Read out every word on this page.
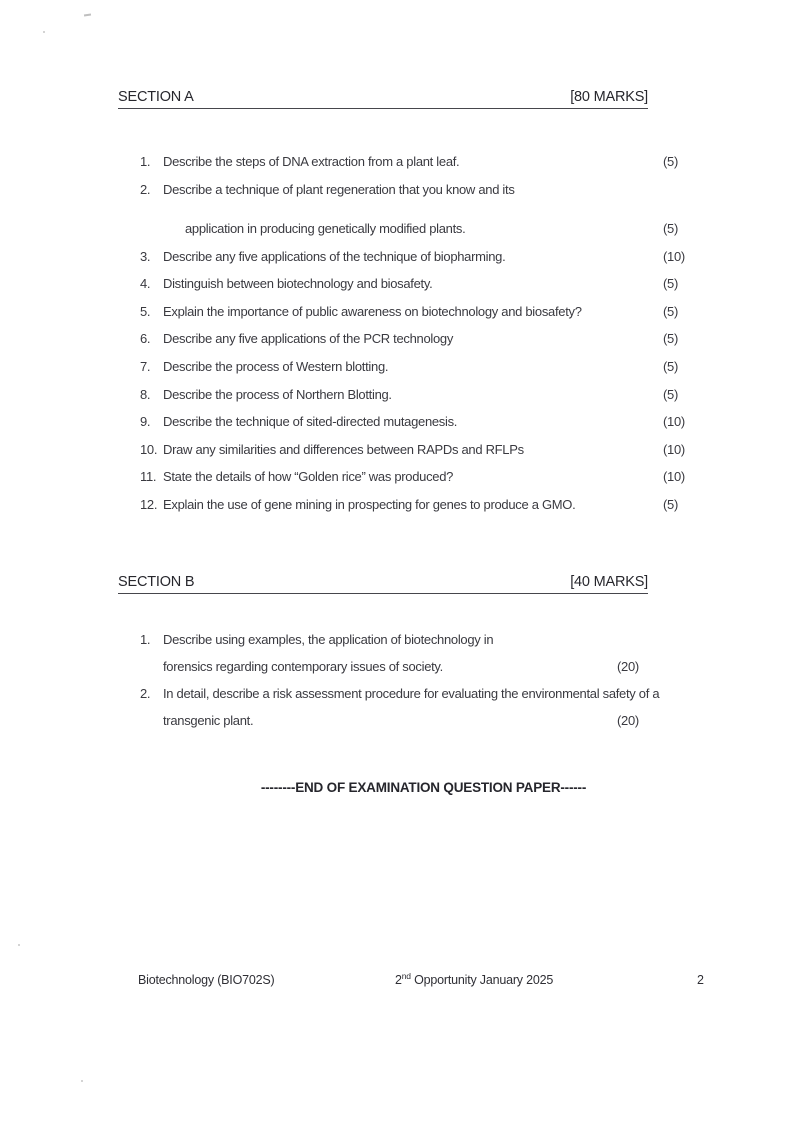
SECTION A	[80 MARKS]
1. Describe the steps of DNA extraction from a plant leaf.	(5)
2. Describe a technique of plant regeneration that you know and its
application in producing genetically modified plants.	(5)
3. Describe any five applications of the technique of biopharming.	(10)
4. Distinguish between biotechnology and biosafety.	(5)
5. Explain the importance of public awareness on biotechnology and biosafety?	(5)
6. Describe any five applications of the PCR technology	(5)
7. Describe the process of Western blotting.	(5)
8. Describe the process of Northern Blotting.	(5)
9. Describe the technique of sited-directed mutagenesis.	(10)
10. Draw any similarities and differences between RAPDs and RFLPs	(10)
11. State the details of how “Golden rice” was produced?	(10)
12. Explain the use of gene mining in prospecting for genes to produce a GMO.	(5)
SECTION B	[40 MARKS]
1. Describe using examples, the application of biotechnology in
forensics regarding contemporary issues of society.	(20)
2. In detail, describe a risk assessment procedure for evaluating the environmental safety of a
transgenic plant.	(20)
--------END OF EXAMINATION QUESTION PAPER------
Biotechnology (BIO702S)	2nd Opportunity January 2025	2
